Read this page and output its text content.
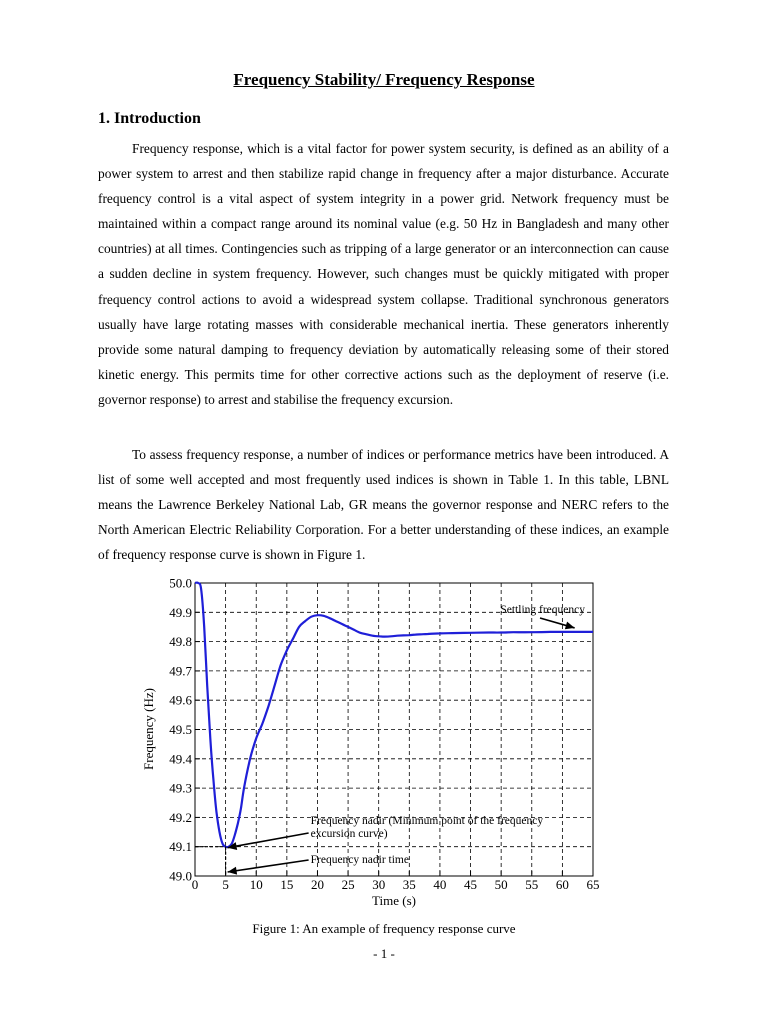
Frequency Stability/ Frequency Response
1. Introduction

Frequency response, which is a vital factor for power system security, is defined as an ability of a power system to arrest and then stabilize rapid change in frequency after a major disturbance. Accurate frequency control is a vital aspect of system integrity in a power grid. Network frequency must be maintained within a compact range around its nominal value (e.g. 50 Hz in Bangladesh and many other countries) at all times. Contingencies such as tripping of a large generator or an interconnection can cause a sudden decline in system frequency. However, such changes must be quickly mitigated with proper frequency control actions to avoid a widespread system collapse. Traditional synchronous generators usually have large rotating masses with considerable mechanical inertia. These generators inherently provide some natural damping to frequency deviation by automatically releasing some of their stored kinetic energy. This permits time for other corrective actions such as the deployment of reserve (i.e. governor response) to arrest and stabilise the frequency excursion.

To assess frequency response, a number of indices or performance metrics have been introduced. A list of some well accepted and most frequently used indices is shown in Table 1. In this table, LBNL means the Lawrence Berkeley National Lab, GR means the governor response and NERC refers to the North American Electric Reliability Corporation. For a better understanding of these indices, an example of frequency response curve is shown in Figure 1.

0 5 10 15 20 25 30 35 40 45 50 55 60 65
49.0
49.1
49.2
49.3
49.4
49.5
49.6
49.7
49.8
49.9
50.0
Settling frequency
Frequency nadir (Minimum point of the frequency
excursion curve)
Frequency nadir time
Time (s)
Frequency (Hz)
Figure 1: An example of frequency response curve
- 1 -
